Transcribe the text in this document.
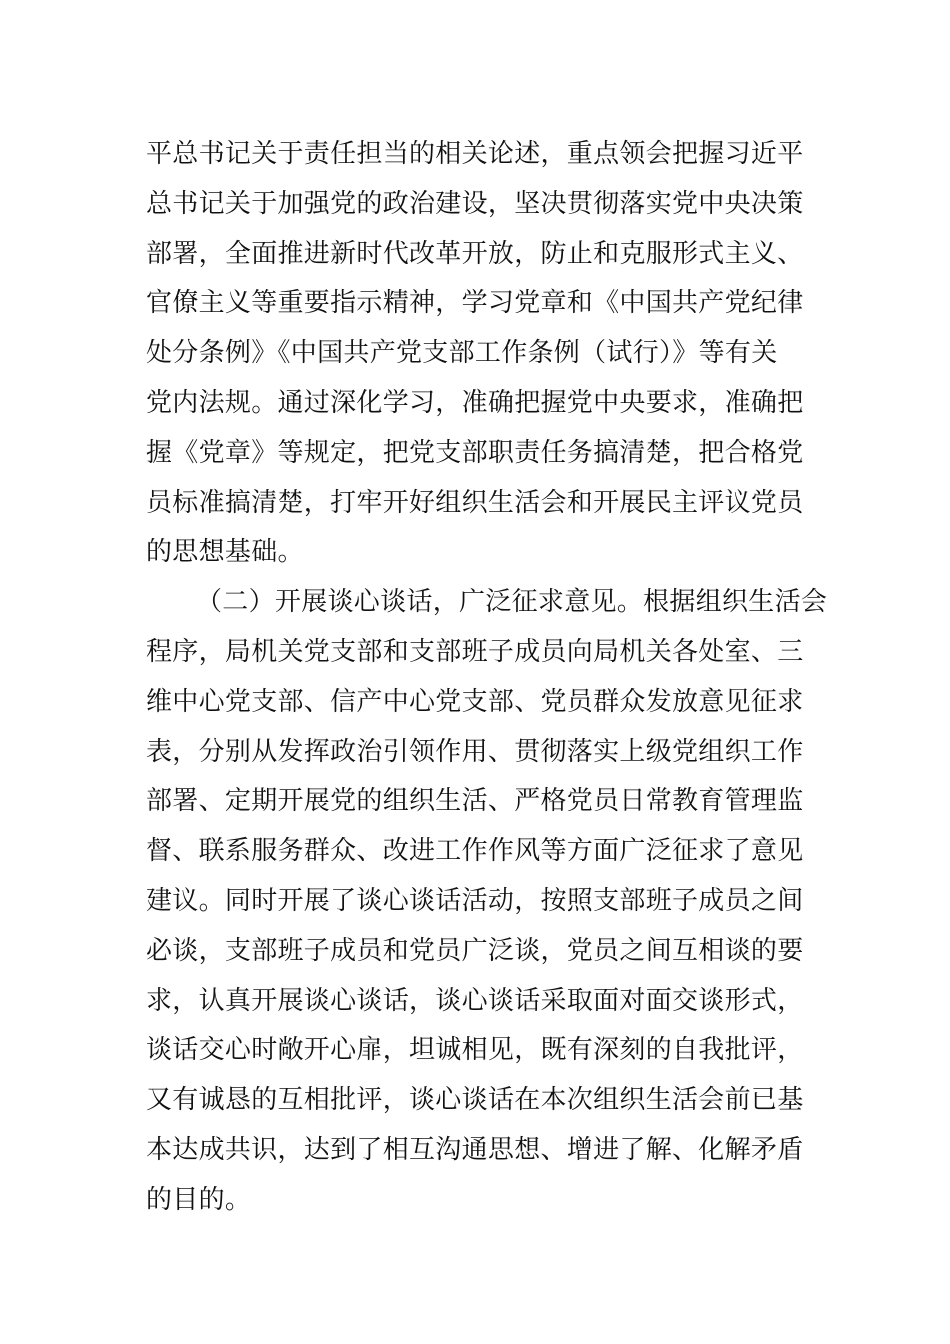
平总书记关于责任担当的相关论述，重点领会把握习近平
总书记关于加强党的政治建设，坚决贯彻落实党中央决策
部署，全面推进新时代改革开放，防止和克服形式主义、
官僚主义等重要指示精神，学习党章和《中国共产党纪律
处分条例》《中国共产党支部工作条例（试行）》等有关
党内法规。通过深化学习，准确把握党中央要求，准确把
握《党章》等规定，把党支部职责任务搞清楚，把合格党
员标准搞清楚，打牢开好组织生活会和开展民主评议党员
的思想基础。
（二）开展谈心谈话，广泛征求意见。根据组织生活会
程序，局机关党支部和支部班子成员向局机关各处室、三
维中心党支部、信产中心党支部、党员群众发放意见征求
表，分别从发挥政治引领作用、贯彻落实上级党组织工作
部署、定期开展党的组织生活、严格党员日常教育管理监
督、联系服务群众、改进工作作风等方面广泛征求了意见
建议。同时开展了谈心谈话活动，按照支部班子成员之间
必谈，支部班子成员和党员广泛谈，党员之间互相谈的要
求，认真开展谈心谈话，谈心谈话采取面对面交谈形式，
谈话交心时敞开心扉，坦诚相见，既有深刻的自我批评，
又有诚恳的互相批评，谈心谈话在本次组织生活会前已基
本达成共识，达到了相互沟通思想、增进了解、化解矛盾
的目的。
